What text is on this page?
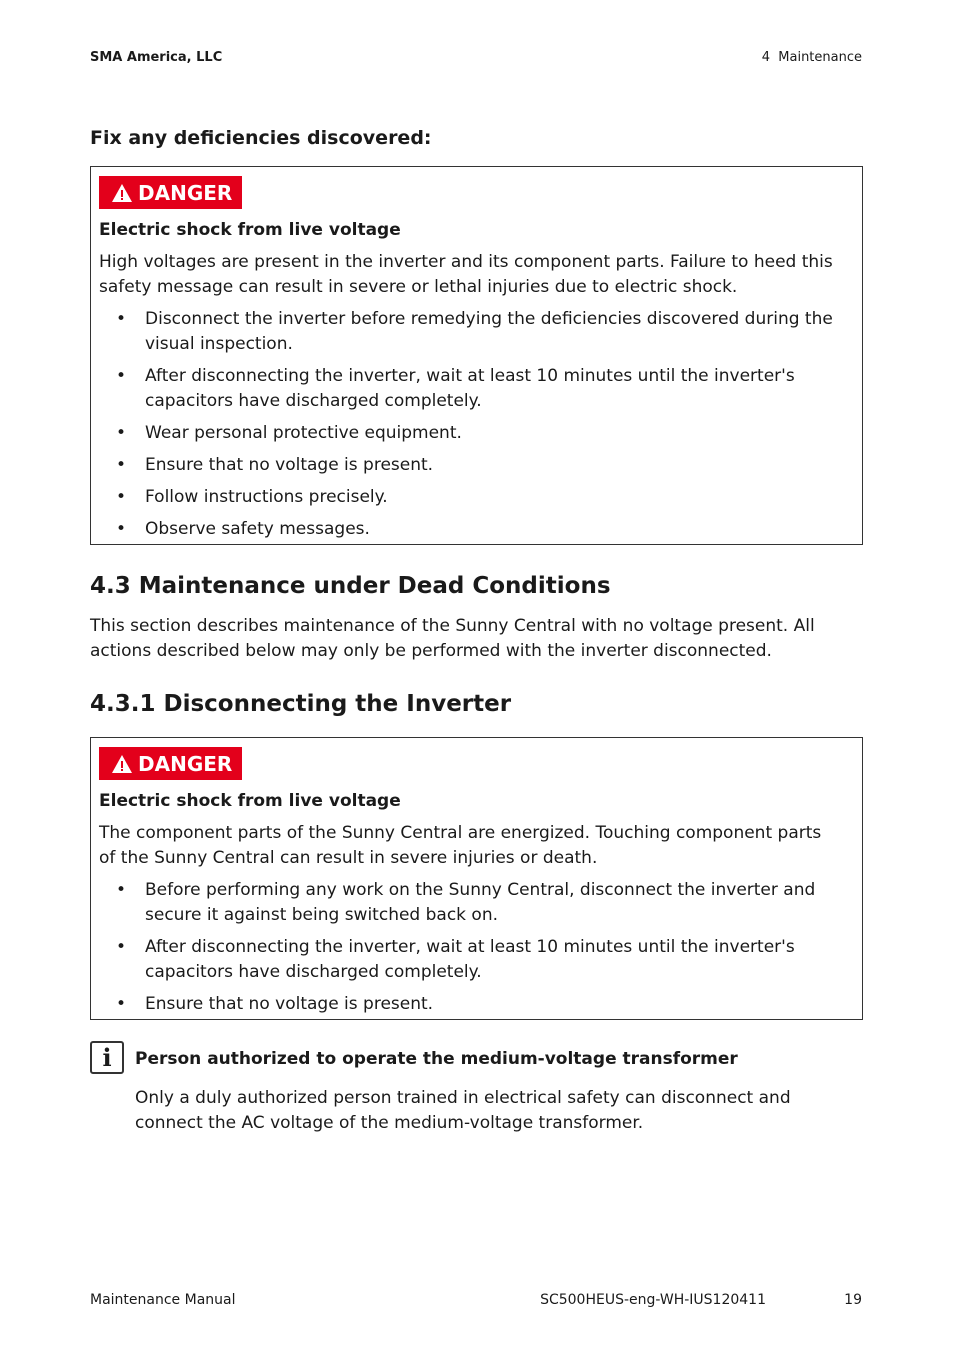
SMA America, LLC	4  Maintenance
Fix any deficiencies discovered:
DANGER
Electric shock from live voltage
High voltages are present in the inverter and its component parts. Failure to heed this safety message can result in severe or lethal injuries due to electric shock.
• Disconnect the inverter before remedying the deficiencies discovered during the visual inspection.
• After disconnecting the inverter, wait at least 10 minutes until the inverter's capacitors have discharged completely.
• Wear personal protective equipment.
• Ensure that no voltage is present.
• Follow instructions precisely.
• Observe safety messages.
4.3 Maintenance under Dead Conditions
This section describes maintenance of the Sunny Central with no voltage present. All actions described below may only be performed with the inverter disconnected.
4.3.1 Disconnecting the Inverter
DANGER
Electric shock from live voltage
The component parts of the Sunny Central are energized. Touching component parts of the Sunny Central can result in severe injuries or death.
• Before performing any work on the Sunny Central, disconnect the inverter and secure it against being switched back on.
• After disconnecting the inverter, wait at least 10 minutes until the inverter's capacitors have discharged completely.
• Ensure that no voltage is present.
i	Person authorized to operate the medium-voltage transformer
Only a duly authorized person trained in electrical safety can disconnect and connect the AC voltage of the medium-voltage transformer.
Maintenance Manual	SC500HEUS-eng-WH-IUS120411	19
